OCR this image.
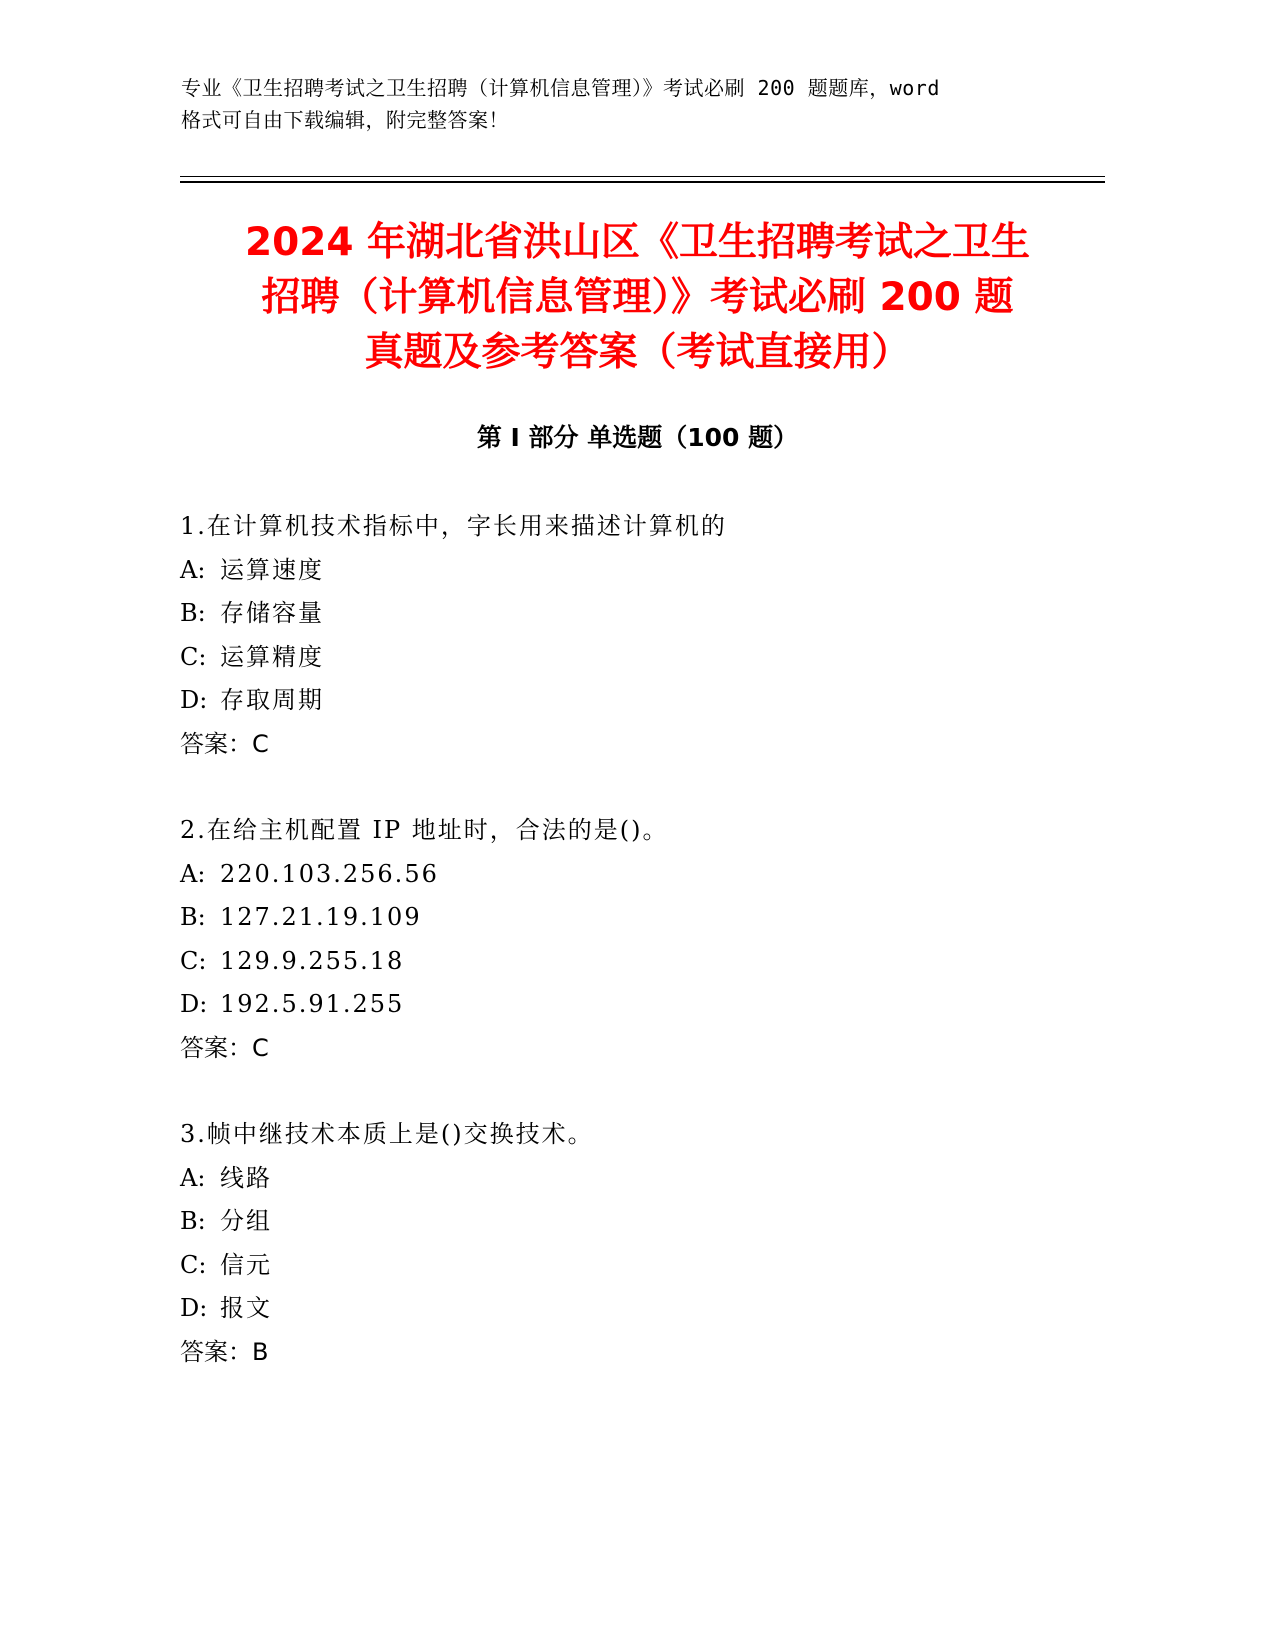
专业《卫生招聘考试之卫生招聘（计算机信息管理）》考试必刷 200 题题库，word
格式可自由下载编辑，附完整答案！
2024 年湖北省洪山区《卫生招聘考试之卫生
招聘（计算机信息管理）》考试必刷 200 题
真题及参考答案（考试直接用）
第 I 部分 单选题（100 题）
1.在计算机技术指标中，字长用来描述计算机的
A: 运算速度
B: 存储容量
C: 运算精度
D: 存取周期
答案：C
2.在给主机配置 IP 地址时，合法的是()。
A: 220.103.256.56
B: 127.21.19.109
C: 129.9.255.18
D: 192.5.91.255
答案：C
3.帧中继技术本质上是()交换技术。
A: 线路
B: 分组
C: 信元
D: 报文
答案：B
